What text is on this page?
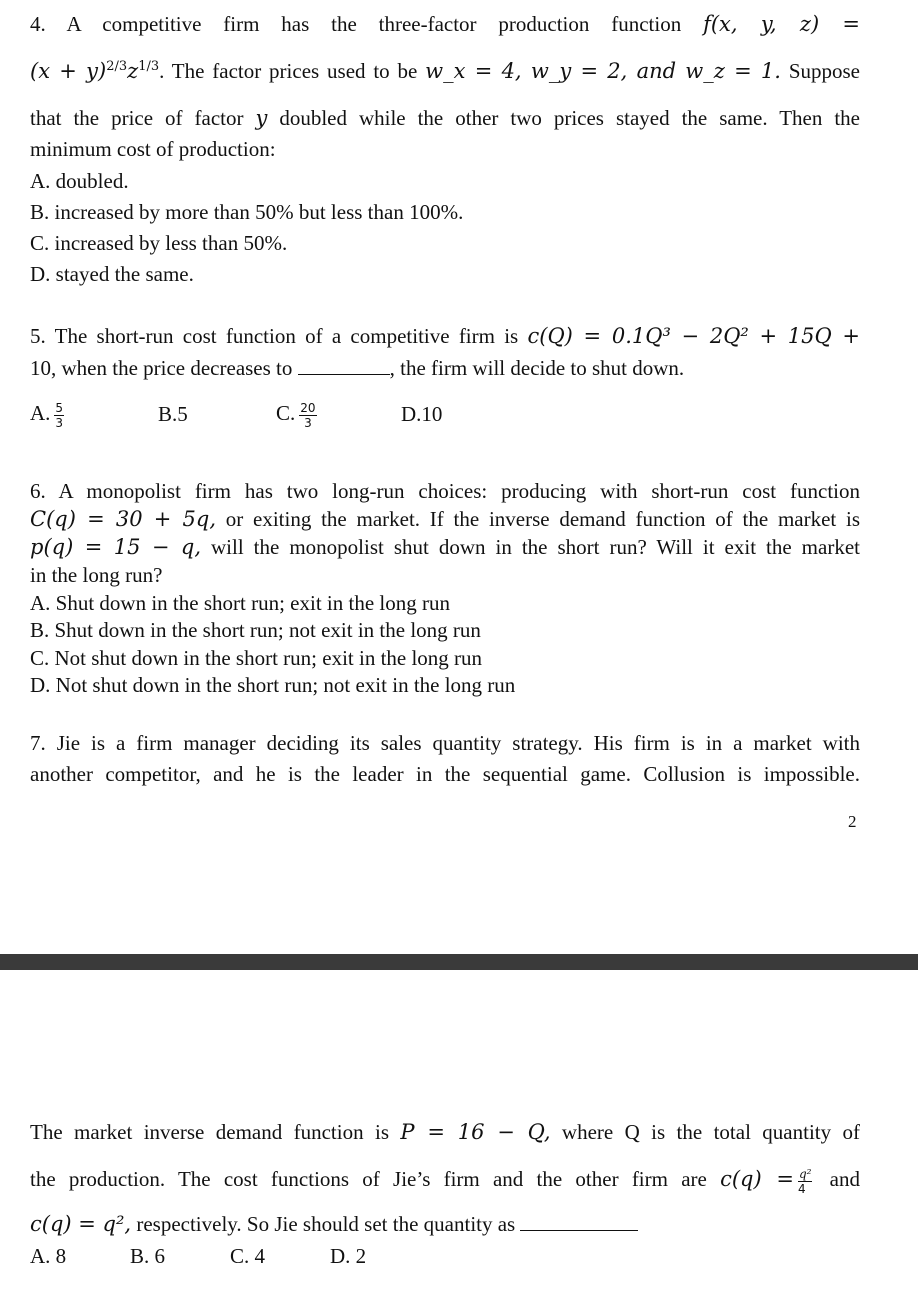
4. A competitive firm has the three-factor production function f(x, y, z) =
$(x + y)^{2/3}z^{1/3}$. The factor prices used to be w_x = 4, w_y = 2, and w_z = 1. Suppose
that the price of factor y doubled while the other two prices stayed the same. Then the
minimum cost of production:
A. doubled.
B. increased by more than 50% but less than 100%.
C. increased by less than 50%.
D. stayed the same.
5. The short-run cost function of a competitive firm is c(Q) = 0.1Q³ − 2Q² + 15Q +
10, when the price decreases to	, the firm will decide to shut down.
A. $\frac{5}{3}$	B.5	C. $\frac{20}{3}$	D.10
6. A monopolist firm has two long-run choices: producing with short-run cost function
C(q) = 30 + 5q, or exiting the market. If the inverse demand function of the market is
p(q) = 15 − q, will the monopolist shut down in the short run? Will it exit the market
in the long run?
A. Shut down in the short run; exit in the long run
B. Shut down in the short run; not exit in the long run
C. Not shut down in the short run; exit in the long run
D. Not shut down in the short run; not exit in the long run
7. Jie is a firm manager deciding its sales quantity strategy. His firm is in a market with
another competitor, and he is the leader in the sequential game. Collusion is impossible.
2
The market inverse demand function is P = 16 − Q, where Q is the total quantity of
the production. The cost functions of Jie’s firm and the other firm are $c(q) = \frac{\text{q²}}{4}$ and
c(q) = q², respectively. So Jie should set the quantity as
A. 8	B. 6	C. 4	D. 2
